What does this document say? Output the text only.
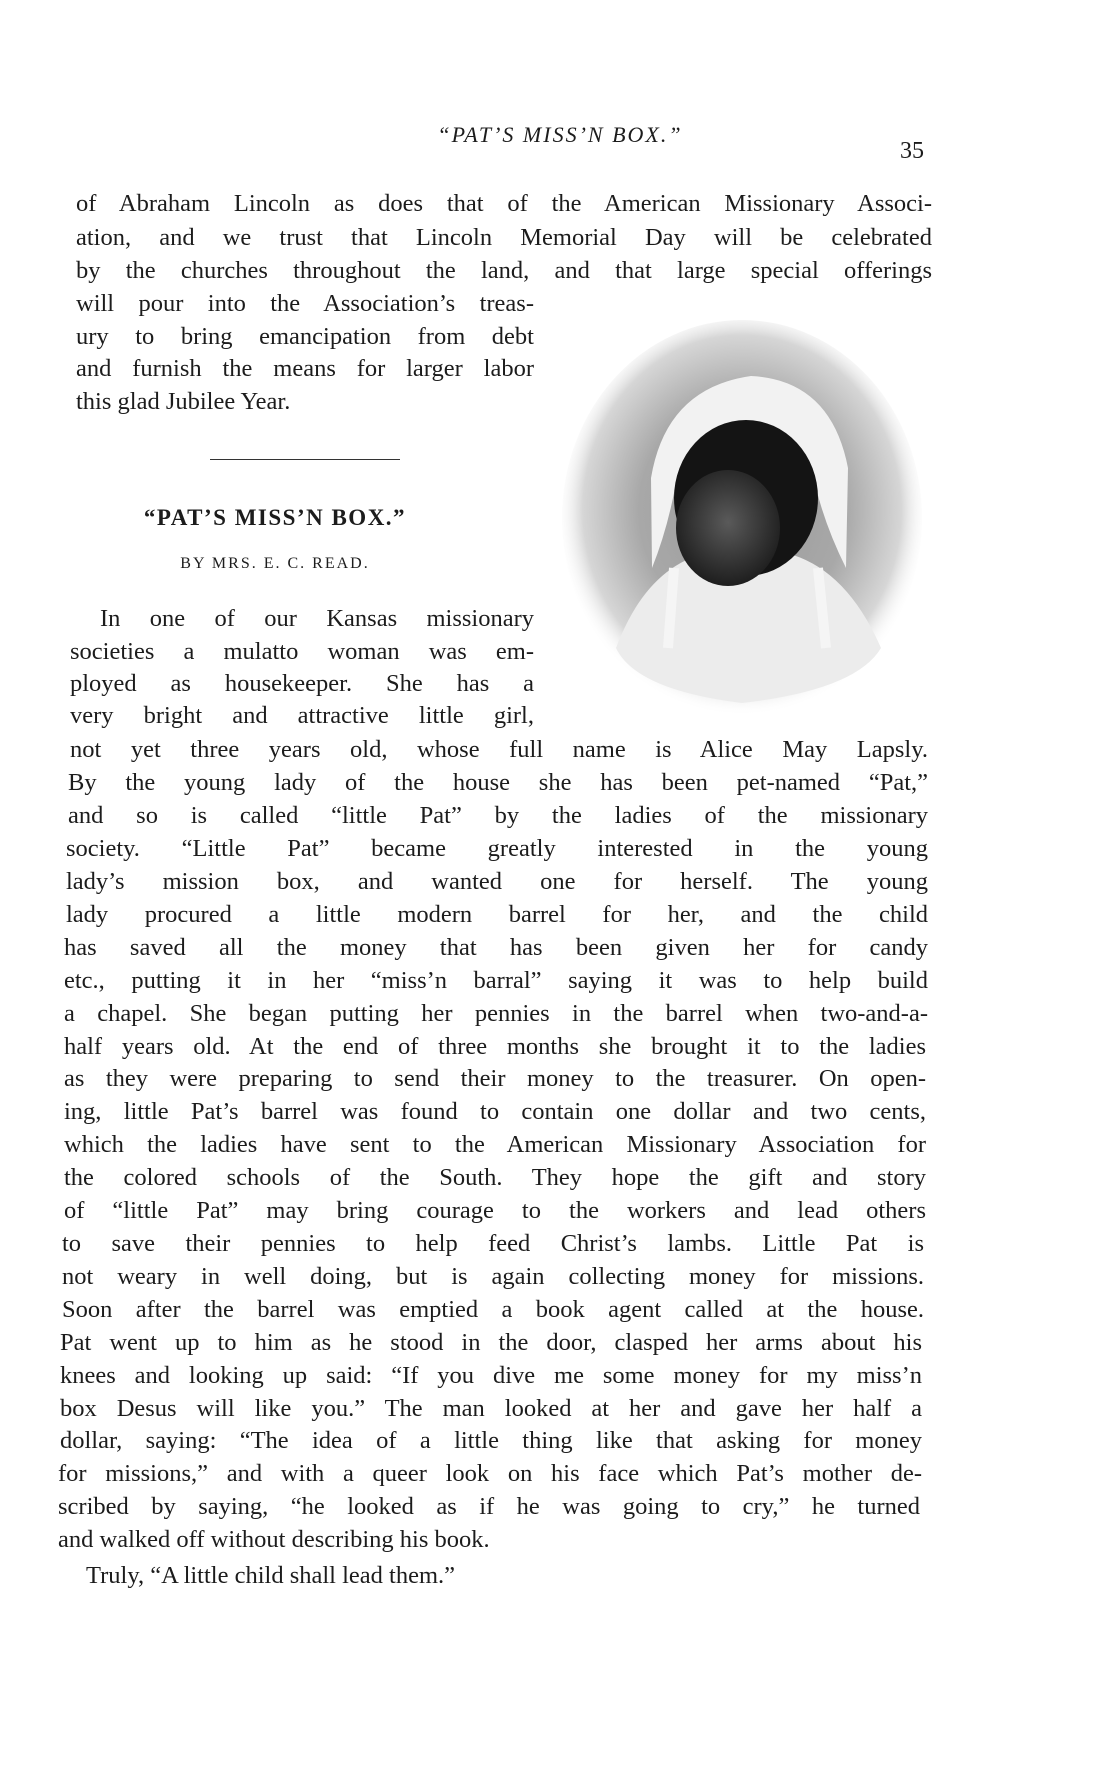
“PAT’S MISS’N BOX.”
35
of Abraham Lincoln as does that of the American Missionary Associ-
ation, and we trust that Lincoln Memorial Day will be celebrated
by the churches throughout the land, and that large special offerings
will pour into the Association’s treas-
ury to bring emancipation from debt
and furnish the means for larger labor
this glad Jubilee Year.
“PAT’S MISS’N BOX.”
BY MRS. E. C. READ.
In one of our Kansas missionary
societies a mulatto woman was em-
ployed as housekeeper. She has a
very bright and attractive little girl,
not yet three years old, whose full name is Alice May Lapsly.
By the young lady of the house she has been pet-named “Pat,”
and so is called “little Pat” by the ladies of the missionary
society. “Little Pat” became greatly interested in the young
lady’s mission box, and wanted one for herself. The young
lady procured a little modern barrel for her, and the child
has saved all the money that has been given her for candy
etc., putting it in her “miss’n barral” saying it was to help build
a chapel. She began putting her pennies in the barrel when two-and-a-
half years old. At the end of three months she brought it to the ladies
as they were preparing to send their money to the treasurer. On open-
ing, little Pat’s barrel was found to contain one dollar and two cents,
which the ladies have sent to the American Missionary Association for
the colored schools of the South. They hope the gift and story
of “little Pat” may bring courage to the workers and lead others
to save their pennies to help feed Christ’s lambs. Little Pat is
not weary in well doing, but is again collecting money for missions.
Soon after the barrel was emptied a book agent called at the house.
Pat went up to him as he stood in the door, clasped her arms about his
knees and looking up said: “If you dive me some money for my miss’n
box Desus will like you.” The man looked at her and gave her half a
dollar, saying: “The idea of a little thing like that asking for money
for missions,” and with a queer look on his face which Pat’s mother de-
scribed by saying, “he looked as if he was going to cry,” he turned
and walked off without describing his book.
Truly, “A little child shall lead them.”
